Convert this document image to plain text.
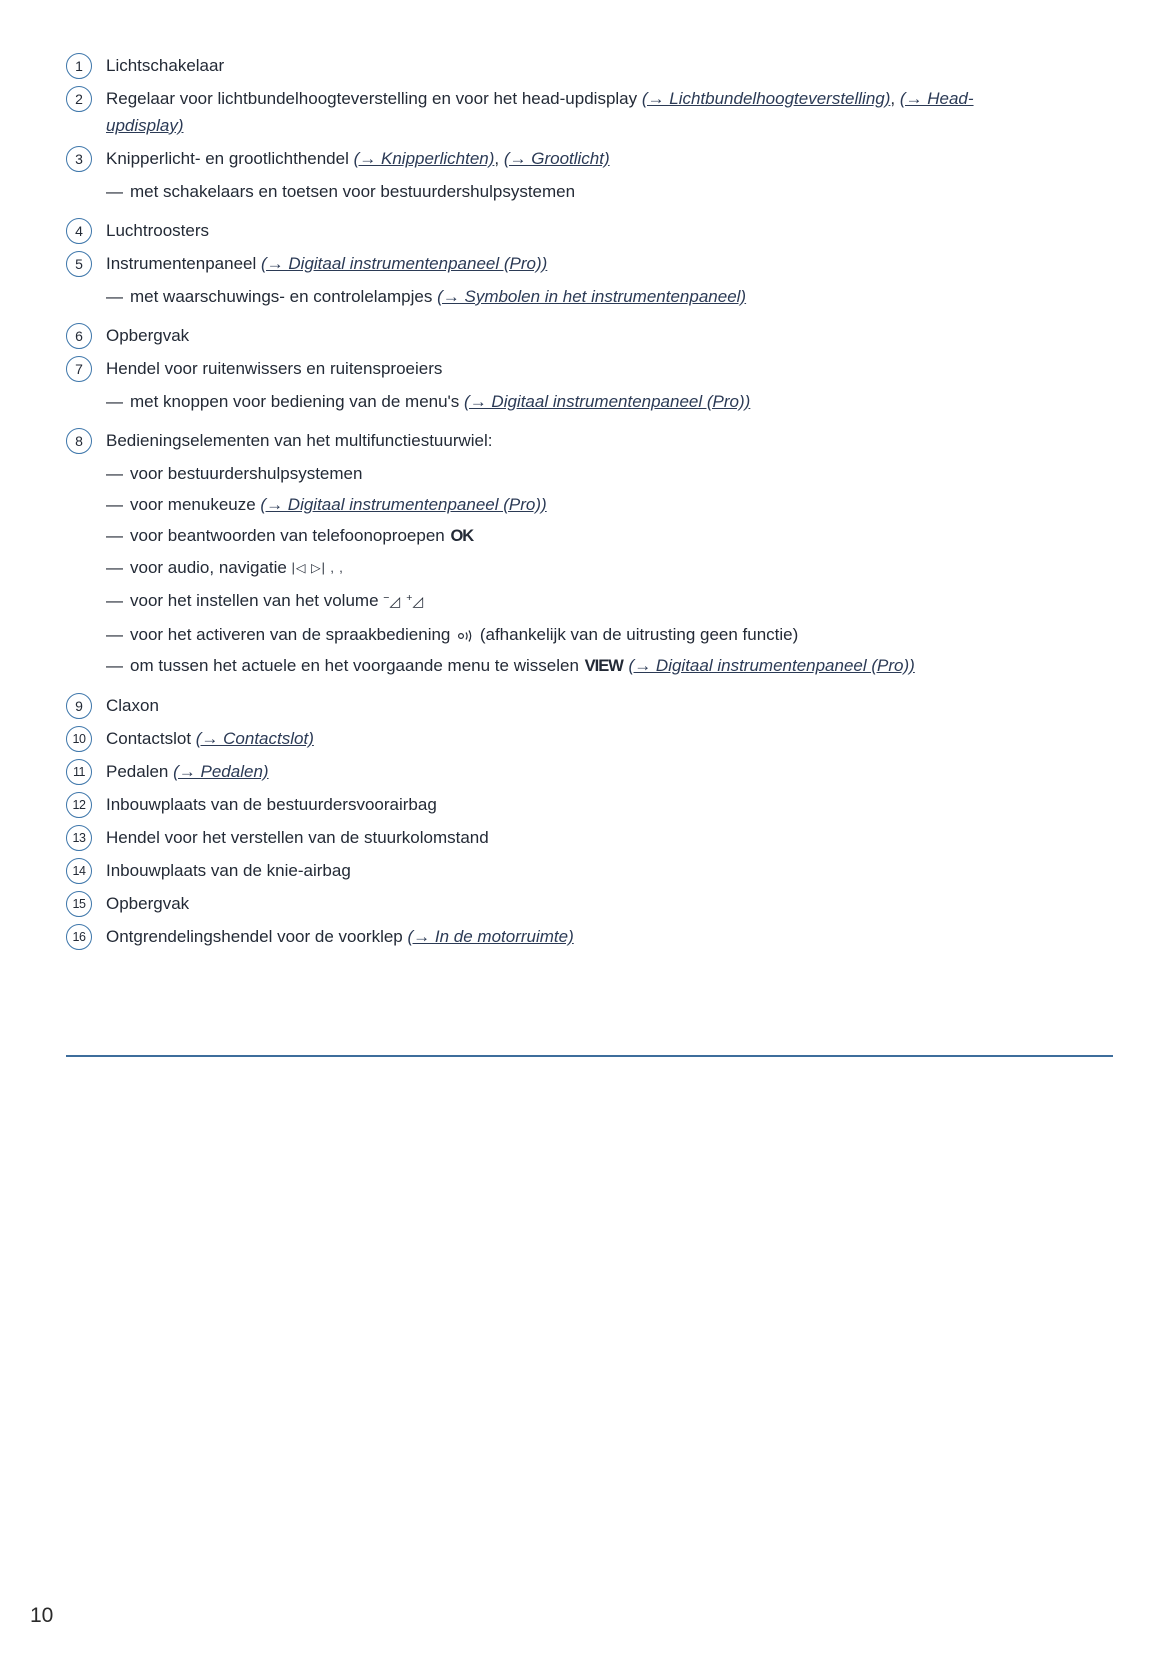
1	Lichtschakelaar
2	Regelaar voor lichtbundelhoogteverstelling en voor het head-updisplay (→ Lichtbundelhoogteverstelling), (→ Head-updisplay)
3	Knipperlicht- en grootlichthendel (→ Knipperlichten), (→ Grootlicht)
— met schakelaars en toetsen voor bestuurdershulpsystemen
4	Luchtroosters
5	Instrumentenpaneel (→ Digitaal instrumentenpaneel (Pro))
— met waarschuwings- en controlelampjes (→ Symbolen in het instrumentenpaneel)
6	Opbergvak
7	Hendel voor ruitenwissers en ruitensproeiers
— met knoppen voor bediening van de menu's (→ Digitaal instrumentenpaneel (Pro))
8	Bedieningselementen van het multifunctiestuurwiel:
— voor bestuurdershulpsystemen
— voor menukeuze (→ Digitaal instrumentenpaneel (Pro))
— voor beantwoorden van telefoonoproepen OK
— voor audio, navigatie |◁ ▷| , ,
— voor het instellen van het volume −◿ +◿
— voor het activeren van de spraakbediening  (afhankelijk van de uitrusting geen functie)
— om tussen het actuele en het voorgaande menu te wisselen VIEW (→ Digitaal instrumentenpaneel (Pro))
9	Claxon
10	Contactslot (→ Contactslot)
11	Pedalen (→ Pedalen)
12	Inbouwplaats van de bestuurdersvoorairbag
13	Hendel voor het verstellen van de stuurkolomstand
14	Inbouwplaats van de knie-airbag
15	Opbergvak
16	Ontgrendelingshendel voor de voorklep (→ In de motorruimte)
10
